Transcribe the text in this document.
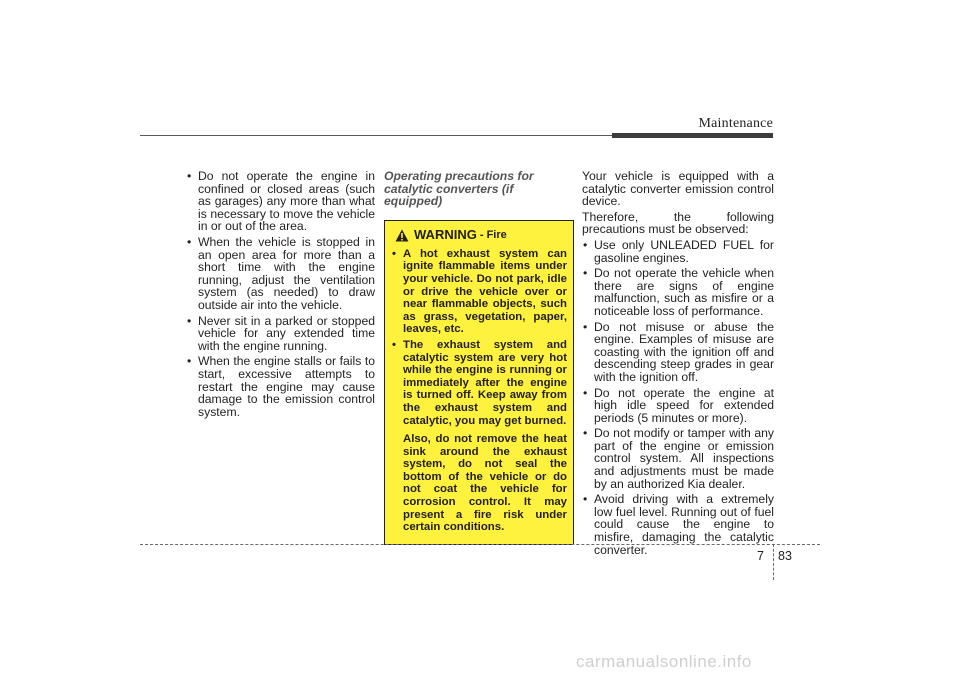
Maintenance
• Do not operate the engine in confined or closed areas (such as garages) any more than what is necessary to move the vehicle in or out of the area.
• When the vehicle is stopped in an open area for more than a short time with the engine running, adjust the ventilation system (as needed) to draw outside air into the vehicle.
• Never sit in a parked or stopped vehicle for any extended time with the engine running.
• When the engine stalls or fails to start, excessive attempts to restart the engine may cause damage to the emission control system.
Operating precautions for catalytic converters (if equipped)
WARNING - Fire
• A hot exhaust system can ignite flammable items under your vehicle. Do not park, idle or drive the vehicle over or near flammable objects, such as grass, vegetation, paper, leaves, etc.
• The exhaust system and catalytic system are very hot while the engine is running or immediately after the engine is turned off. Keep away from the exhaust system and catalytic, you may get burned.

Also, do not remove the heat sink around the exhaust system, do not seal the bottom of the vehicle or do not coat the vehicle for corrosion control. It may present a fire risk under certain conditions.

Your vehicle is equipped with a catalytic converter emission control device.

Therefore, the following precautions must be observed:

• Use only UNLEADED FUEL for gasoline engines.
• Do not operate the vehicle when there are signs of engine malfunction, such as misfire or a noticeable loss of performance.
• Do not misuse or abuse the engine. Examples of misuse are coasting with the ignition off and descending steep grades in gear with the ignition off.
• Do not operate the engine at high idle speed for extended periods (5 minutes or more).
• Do not modify or tamper with any part of the engine or emission control system. All inspections and adjustments must be made by an authorized Kia dealer.
• Avoid driving with a extremely low fuel level. Running out of fuel could cause the engine to misfire, damaging the catalytic converter.	7 83
carmanualsonline.info
